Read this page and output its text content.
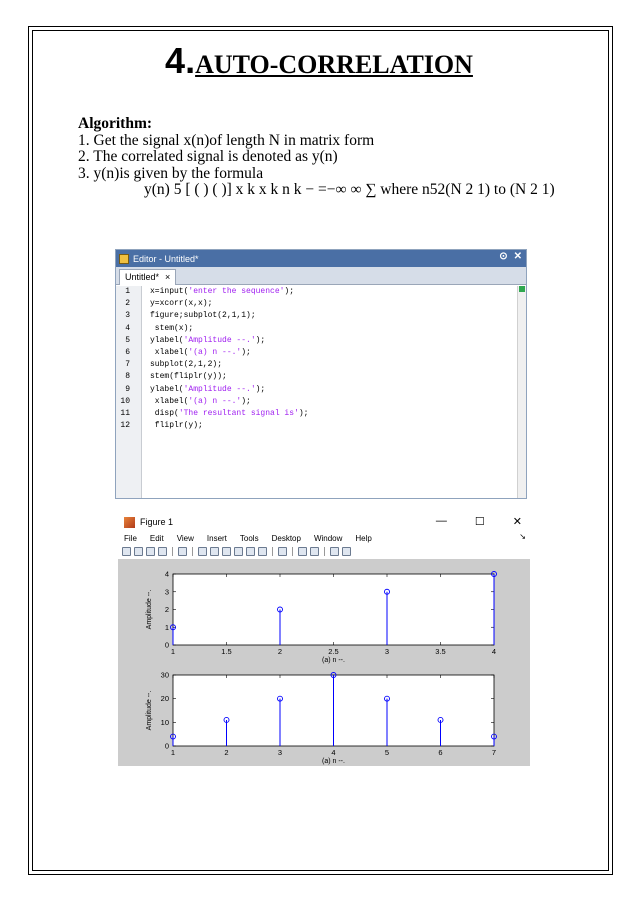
4.AUTO-CORRELATION
Algorithm:
1. Get the signal x(n)of length N in matrix form
2. The correlated signal is denoted as y(n)
3. y(n)is given by the formula
y(n) 5 [ ( ) ( )] x k x k n k − =−∞ ∞ ∑ where n52(N 2 1) to (N 2 1)
Editor - Untitled*	⊙ ✕
Untitled* ×
1	x=input('enter the sequence');
2	y=xcorr(x,x);
3	figure;subplot(2,1,1);
4	stem(x);
5	ylabel('Amplitude --.');
6	xlabel('(a) n --.');
7	subplot(2,1,2);
8	stem(fliplr(y));
9	ylabel('Amplitude --.');
10	xlabel('(a) n --.');
11	disp('The resultant signal is');
12	fliplr(y);
Figure 1	—	☐	✕
File Edit View Insert Tools Desktop Window Help	↘
0
1
2
3
4
1	1.5	2	2.5	3	3.5	4
(a) n --.
Amplitude --.
0
10
20
30
1	2	3	4	5	6	7
(a) n --.
Amplitude --.
